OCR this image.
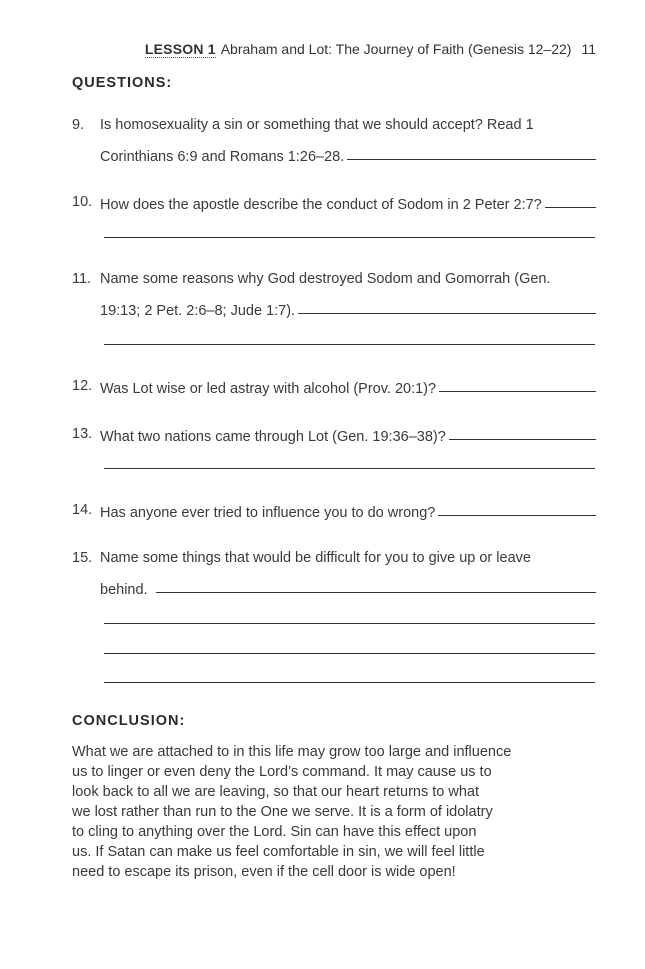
LESSON 1 Abraham and Lot: The Journey of Faith (Genesis 12–22) 11
QUESTIONS:
9. Is homosexuality a sin or something that we should accept? Read 1
Corinthians 6:9 and Romans 1:26–28.
10. How does the apostle describe the conduct of Sodom in 2 Peter 2:7?
11. Name some reasons why God destroyed Sodom and Gomorrah (Gen.
19:13; 2 Pet. 2:6–8; Jude 1:7).
12. Was Lot wise or led astray with alcohol (Prov. 20:1)?
13. What two nations came through Lot (Gen. 19:36–38)?
14. Has anyone ever tried to influence you to do wrong?
15. Name some things that would be difficult for you to give up or leave
behind.
CONCLUSION:
What we are attached to in this life may grow too large and influence
us to linger or even deny the Lord’s command. It may cause us to
look back to all we are leaving, so that our heart returns to what
we lost rather than run to the One we serve. It is a form of idolatry
to cling to anything over the Lord. Sin can have this effect upon
us. If Satan can make us feel comfortable in sin, we will feel little
need to escape its prison, even if the cell door is wide open!
